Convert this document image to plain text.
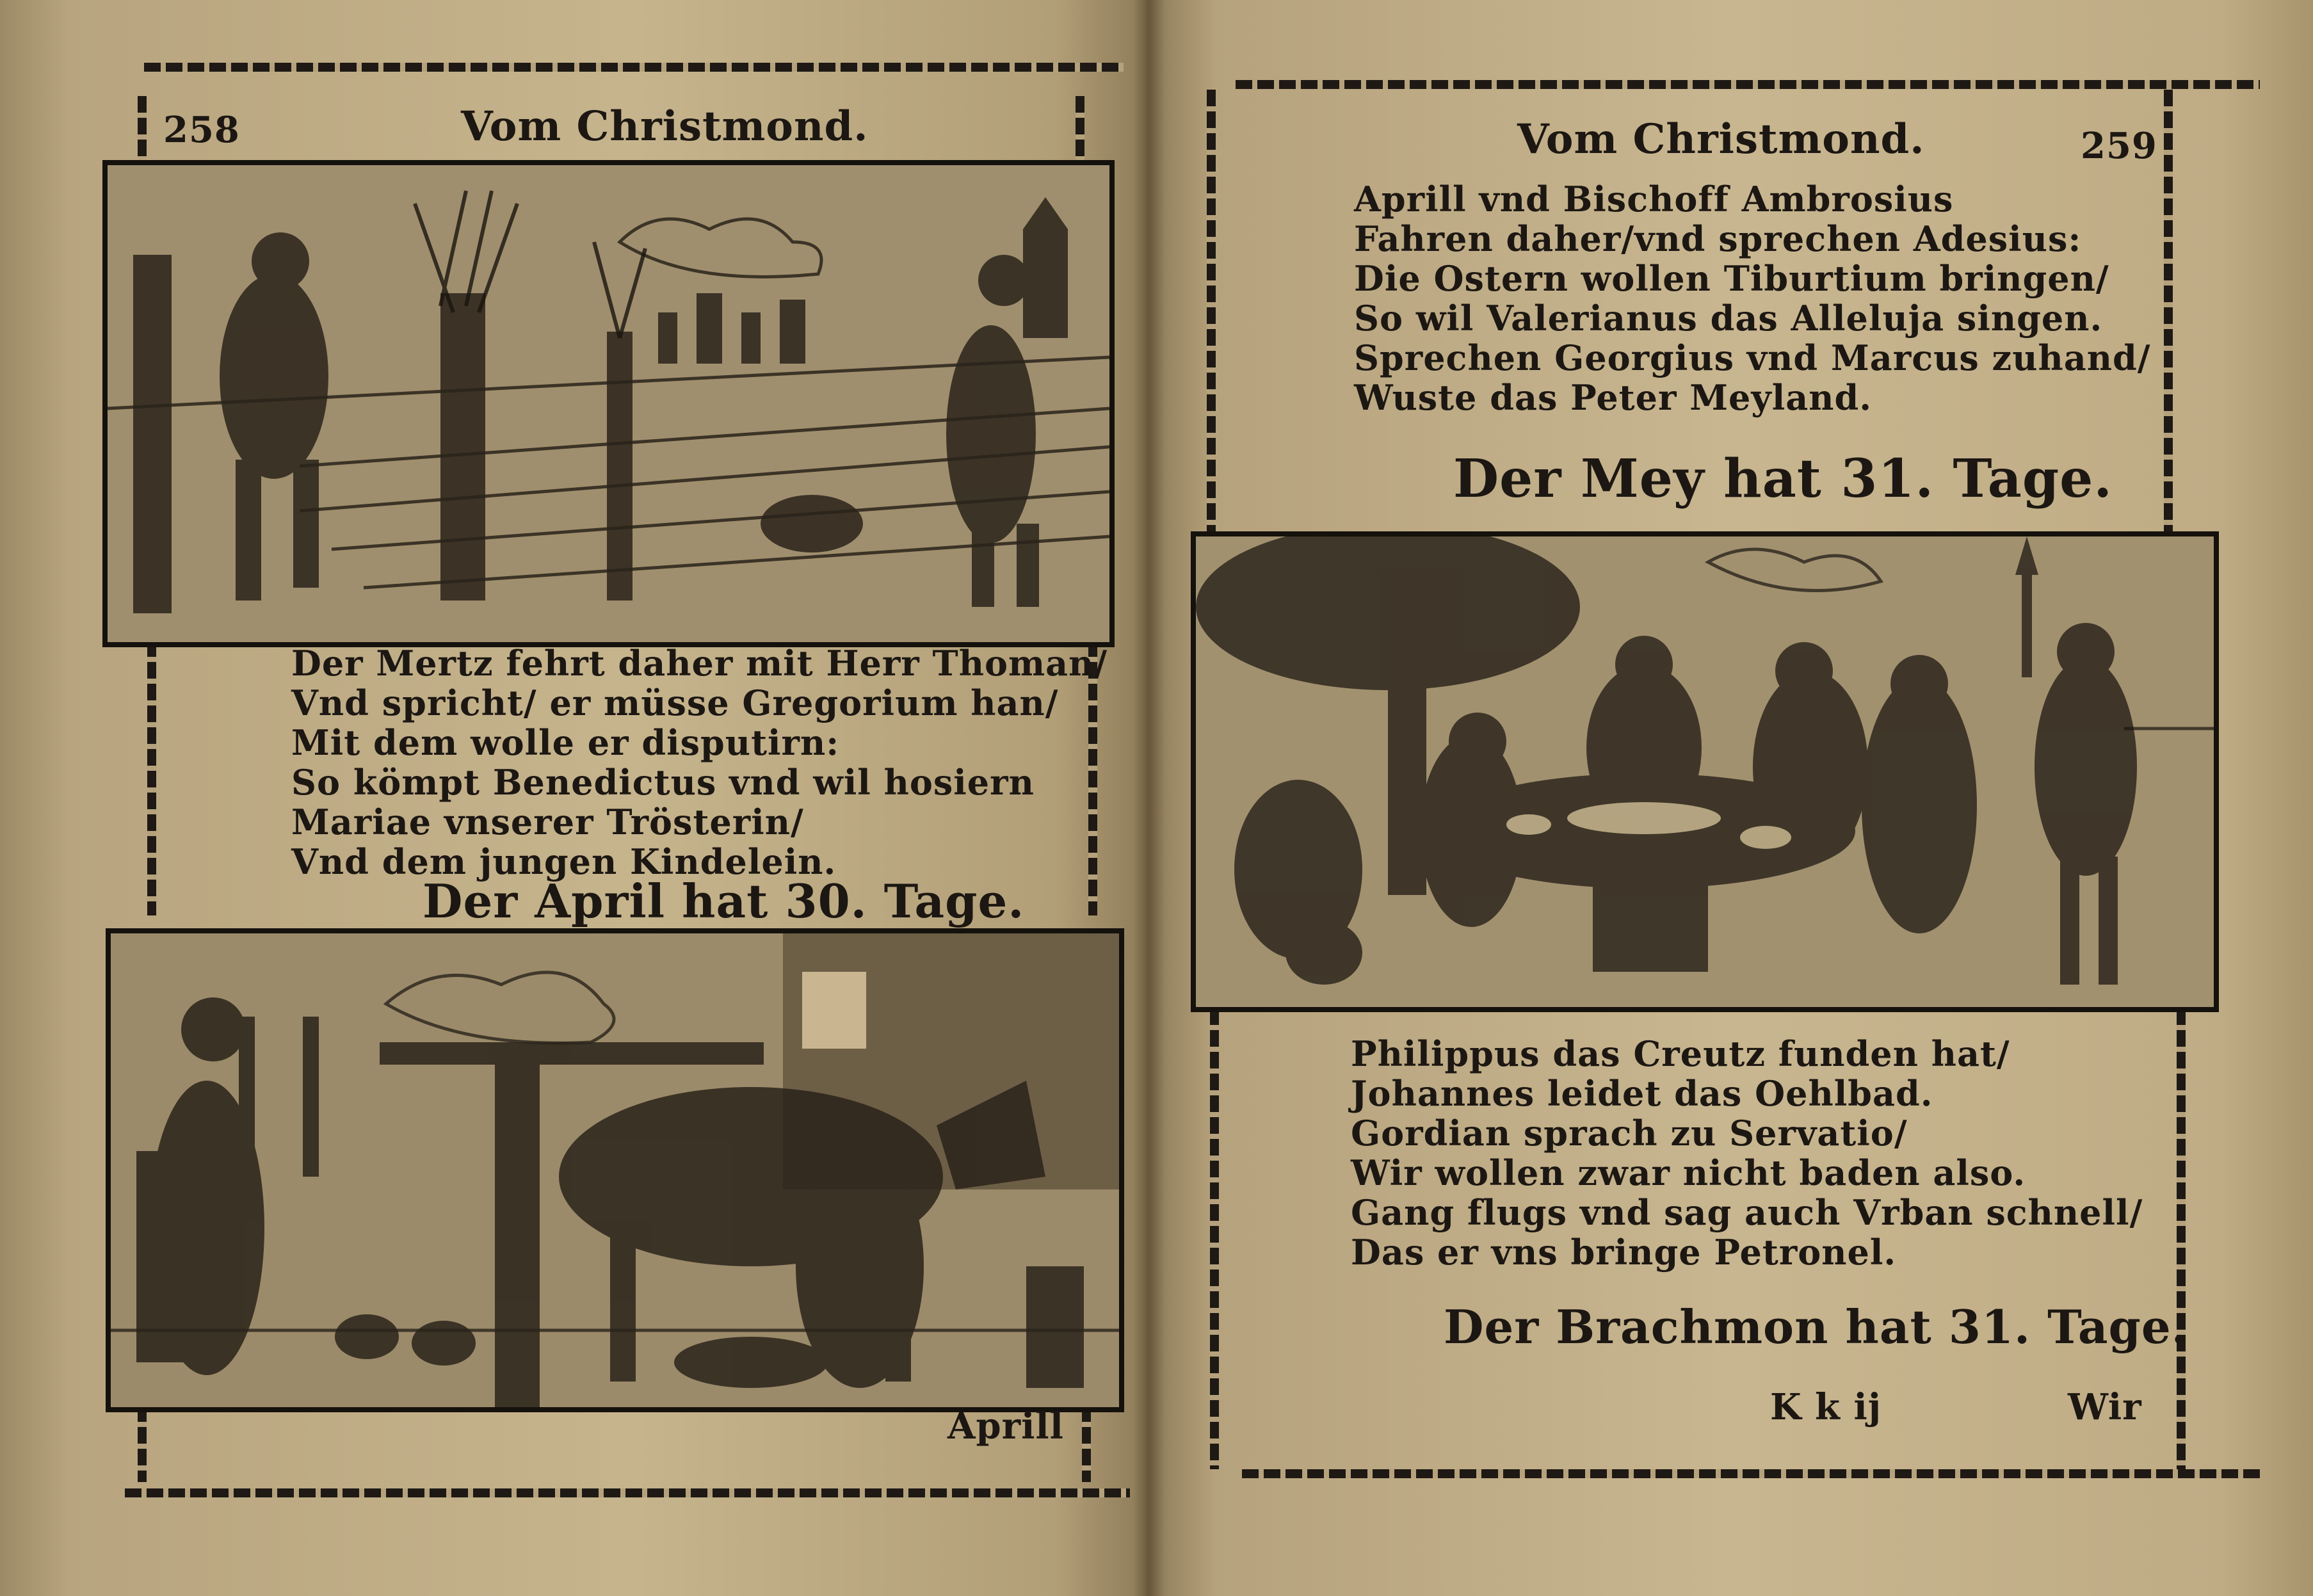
258	Vom Christmond.
Der Mertz fehrt daher mit Herr Thoman/
Vnd spricht/ er müsse Gregorium han/
Mit dem wolle er disputirn:
So kömpt Benedictus vnd wil hosiern
Mariae vnserer Trösterin/
Vnd dem jungen Kindelein.
Der April hat 30. Tage.
Aprill
Vom Christmond.	259
Aprill vnd Bischoff Ambrosius
Fahren daher/vnd sprechen Adesius:
Die Ostern wollen Tiburtium bringen/
So wil Valerianus das Alleluja singen.
Sprechen Georgius vnd Marcus zuhand/
Wuste das Peter Meyland.
Der Mey hat 31. Tage.
Philippus das Creutz funden hat/
Johannes leidet das Oehlbad.
Gordian sprach zu Servatio/
Wir wollen zwar nicht baden also.
Gang flugs vnd sag auch Vrban schnell/
Das er vns bringe Petronel.
Der Brachmon hat 31. Tage.
K k ij	Wir
